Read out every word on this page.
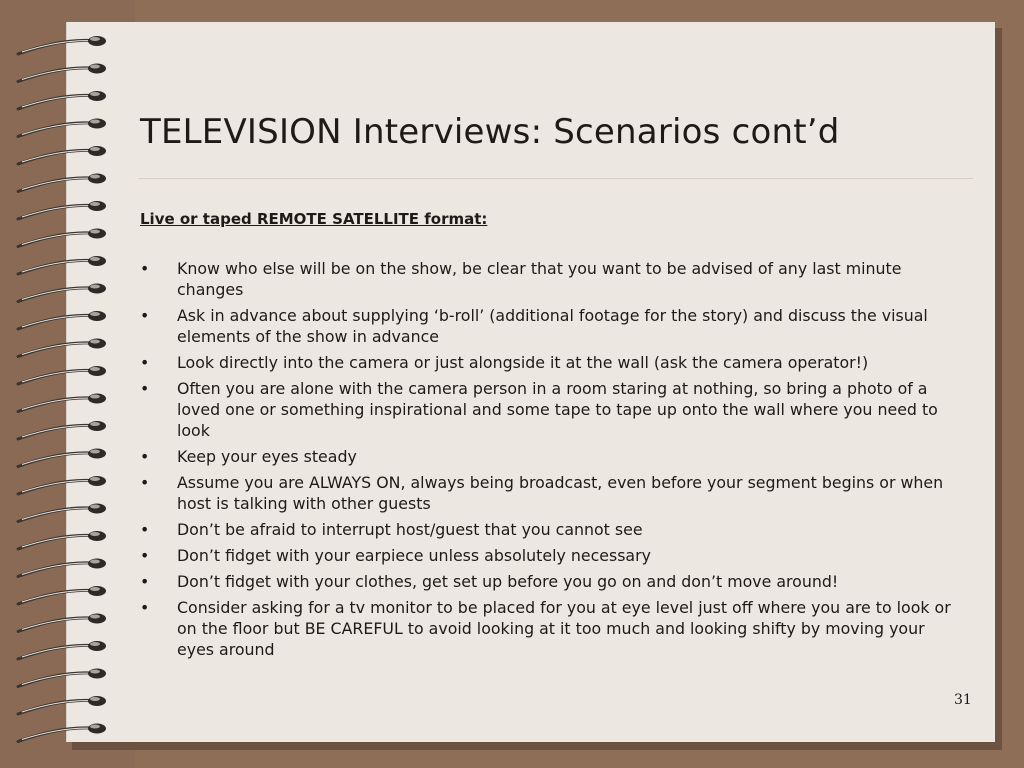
TELEVISION Interviews: Scenarios cont’d
Live or taped REMOTE SATELLITE format:
•	Know who else will be on the show, be clear that you want to be advised of any last minute changes
•	Ask in advance about supplying ‘b-roll’ (additional footage for the story) and discuss the visual elements of the show in advance
•	Look directly into the camera or just alongside it at the wall (ask the camera operator!)
•	Often you are alone with the camera person in a room staring at nothing, so bring a photo of a loved one or something inspirational and some tape to tape up onto the wall where you need to look
•	Keep your eyes steady
•	Assume you are ALWAYS ON, always being broadcast, even before your segment begins or when host is talking with other guests
•	Don’t be afraid to interrupt host/guest that you cannot see
•	Don’t fidget with your earpiece unless absolutely necessary
•	Don’t fidget with your clothes, get set up before you go on and don’t move around!
•	Consider asking for a tv monitor to be placed for you at eye level just off where you are to look or on the floor but BE CAREFUL to avoid looking at it too much and looking shifty by moving your eyes around
31
